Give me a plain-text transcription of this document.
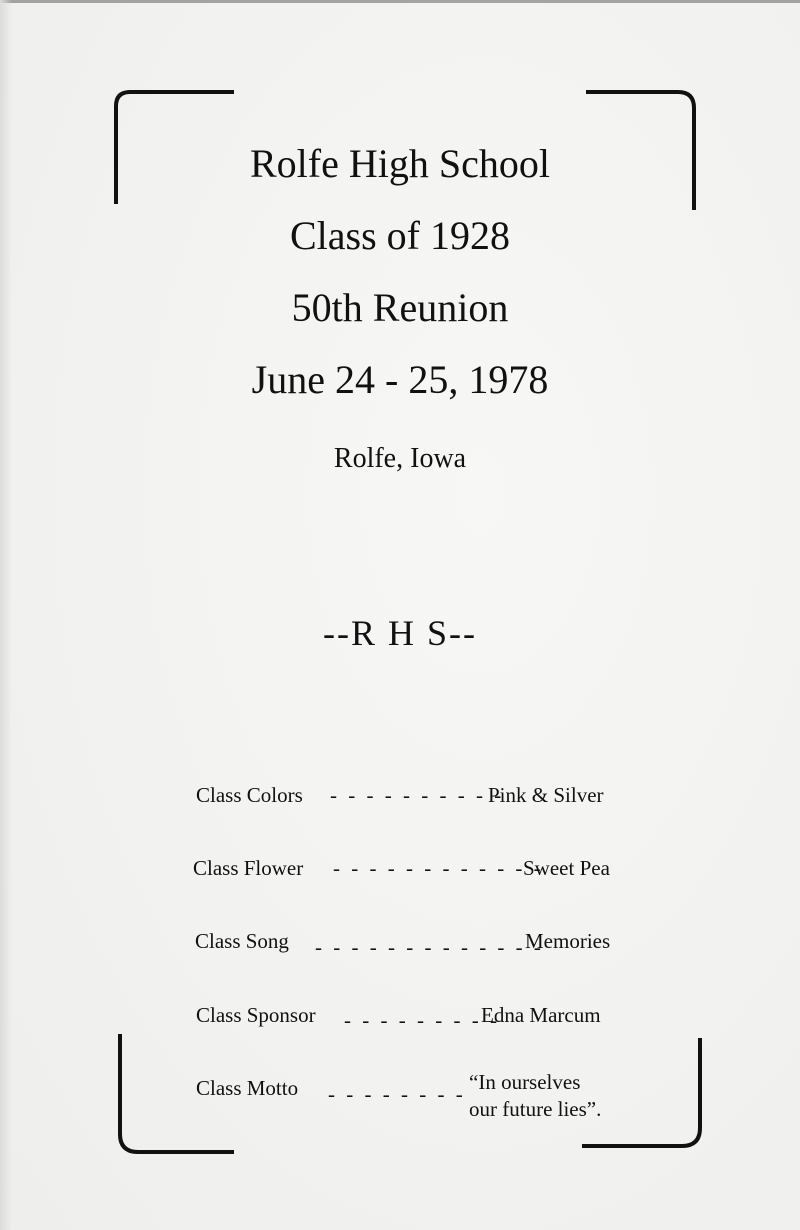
Rolfe High School
Class of 1928
50th Reunion
June 24 - 25, 1978
Rolfe, Iowa
--R H S--
Class Colors - - - - - - - - - -
Pink & Silver
Class Flower - - - - - - - - - - - -
Sweet Pea
Class Song - - - - - - - - - - - - -
Memories
Class Sponsor - - - - - - - - -
Edna Marcum
Class Motto - - - - - - - - “In ourselves
our future lies”.
